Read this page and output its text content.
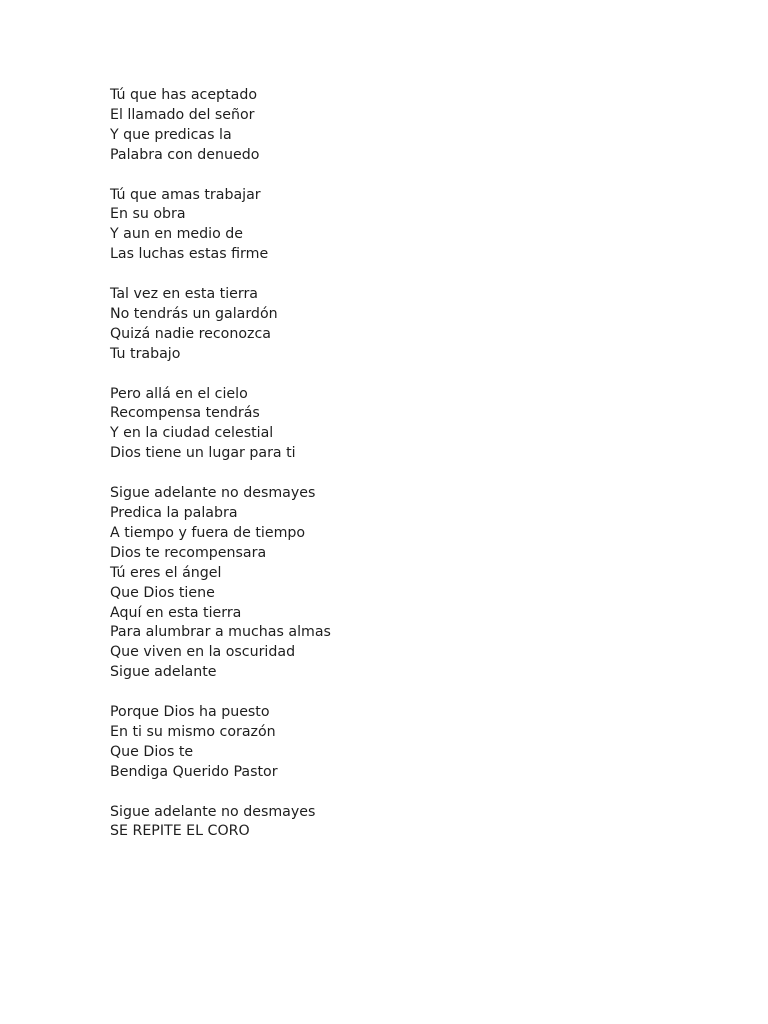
Tú que has aceptado
El llamado del señor
Y que predicas la
Palabra con denuedo
Tú que amas trabajar
En su obra
Y aun en medio de
Las luchas estas firme
Tal vez en esta tierra
No tendrás un galardón
Quizá nadie reconozca
Tu trabajo
Pero allá en el cielo
Recompensa tendrás
Y en la ciudad celestial
Dios tiene un lugar para ti
Sigue adelante no desmayes
Predica la palabra
A tiempo y fuera de tiempo
Dios te recompensara
Tú eres el ángel
Que Dios tiene
Aquí en esta tierra
Para alumbrar a muchas almas
Que viven en la oscuridad
Sigue adelante
Porque Dios ha puesto
En ti su mismo corazón
Que Dios te
Bendiga Querido Pastor
Sigue adelante no desmayes
SE REPITE EL CORO
